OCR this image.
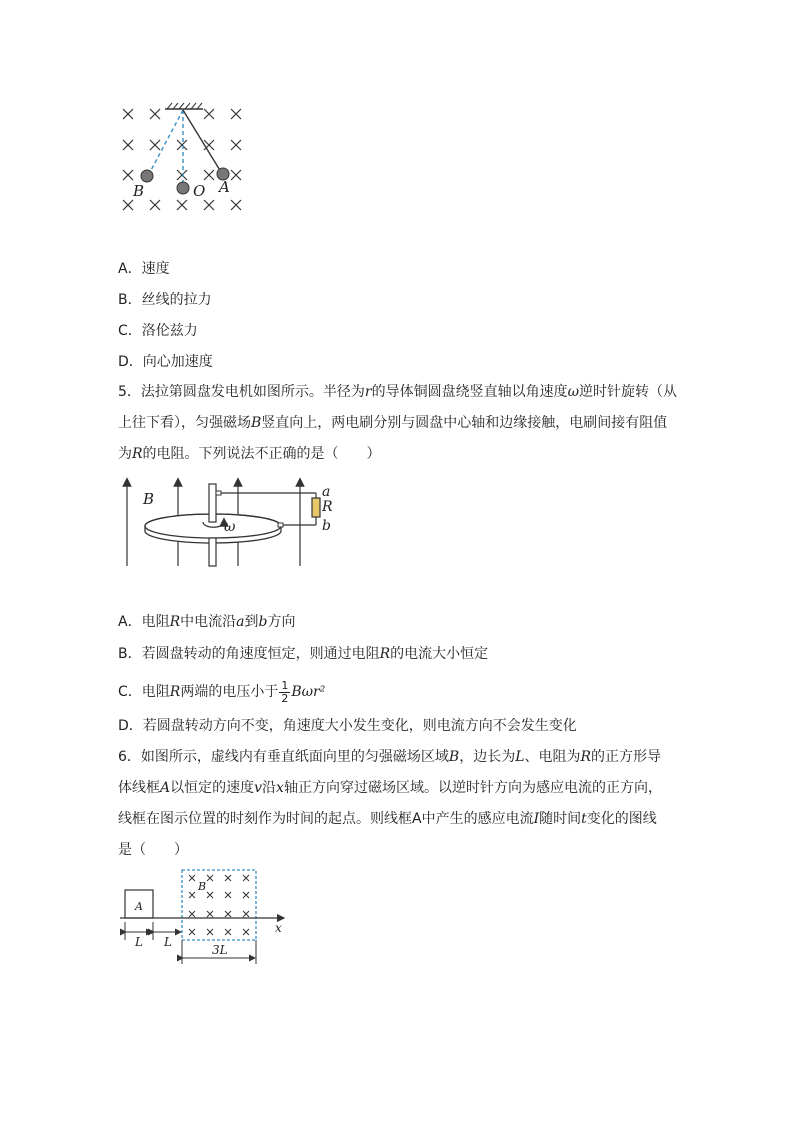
B	O A
A．速度
B．丝线的拉力
C．洛伦兹力
D．向心加速度
5．法拉第圆盘发电机如图所示。半径为r的导体铜圆盘绕竖直轴以角速度ω逆时针旋转（从
上往下看），匀强磁场B竖直向上，两电刷分别与圆盘中心轴和边缘接触，电刷间接有阻值
为R的电阻。下列说法不正确的是（　　）
B
ω
a
R
b
A．电阻R中电流沿a到b方向
B．若圆盘转动的角速度恒定，则通过电阻R的电流大小恒定
C．电阻R两端的电压小于 $\frac{1}{2} B\omega r^2$
D．若圆盘转动方向不变，角速度大小发生变化，则电流方向不会发生变化
6．如图所示，虚线内有垂直纸面向里的匀强磁场区域B，边长为L、电阻为R的正方形导
体线框A以恒定的速度v沿x轴正方向穿过磁场区域。以逆时针方向为感应电流的正方向，
线框在图示位置的时刻作为时间的起点。则线框A中产生的感应电流I随时间t变化的图线
是（　　）
A
B
x
L L
3L
